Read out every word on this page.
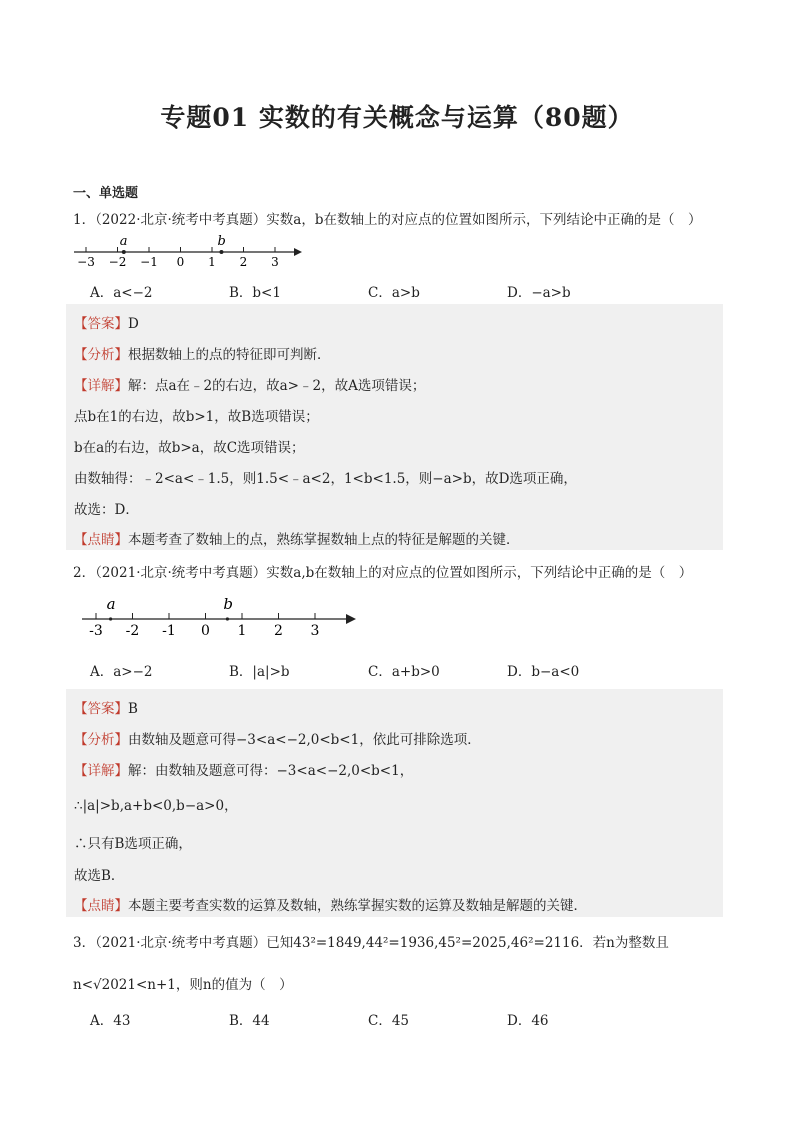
专题01 实数的有关概念与运算（80题）
一、单选题
1．（2022·北京·统考中考真题）实数a，b在数轴上的对应点的位置如图所示，下列结论中正确的是（　）
−3 −2 −1 0 1 2 3
a	b
A．a<−2	B．b<1	C．a>b	D．−a>b
【答案】D
【分析】根据数轴上的点的特征即可判断．
【详解】解：点a在﹣2的右边，故a>﹣2，故A选项错误；
点b在1的右边，故b>1，故B选项错误；
b在a的右边，故b>a，故C选项错误；
由数轴得：﹣2<a<﹣1.5，则1.5<﹣a<2，1<b<1.5，则−a>b，故D选项正确，
故选：D．
【点睛】本题考查了数轴上的点，熟练掌握数轴上点的特征是解题的关键．
2．（2021·北京·统考中考真题）实数a,b在数轴上的对应点的位置如图所示，下列结论中正确的是（　）
-3 -2 -1 0 1 2 3
a	b
A．a>−2	B．|a|>b	C．a+b>0	D．b−a<0
【答案】B
【分析】由数轴及题意可得−3<a<−2,0<b<1，依此可排除选项．
【详解】解：由数轴及题意可得：−3<a<−2,0<b<1，
∴|a|>b,a+b<0,b−a>0，
∴只有B选项正确，
故选B．
【点睛】本题主要考查实数的运算及数轴，熟练掌握实数的运算及数轴是解题的关键．
3．（2021·北京·统考中考真题）已知43²=1849,44²=1936,45²=2025,46²=2116．若n为整数且
n<√2021<n+1，则n的值为（　）
A．43	B．44	C．45	D．46
